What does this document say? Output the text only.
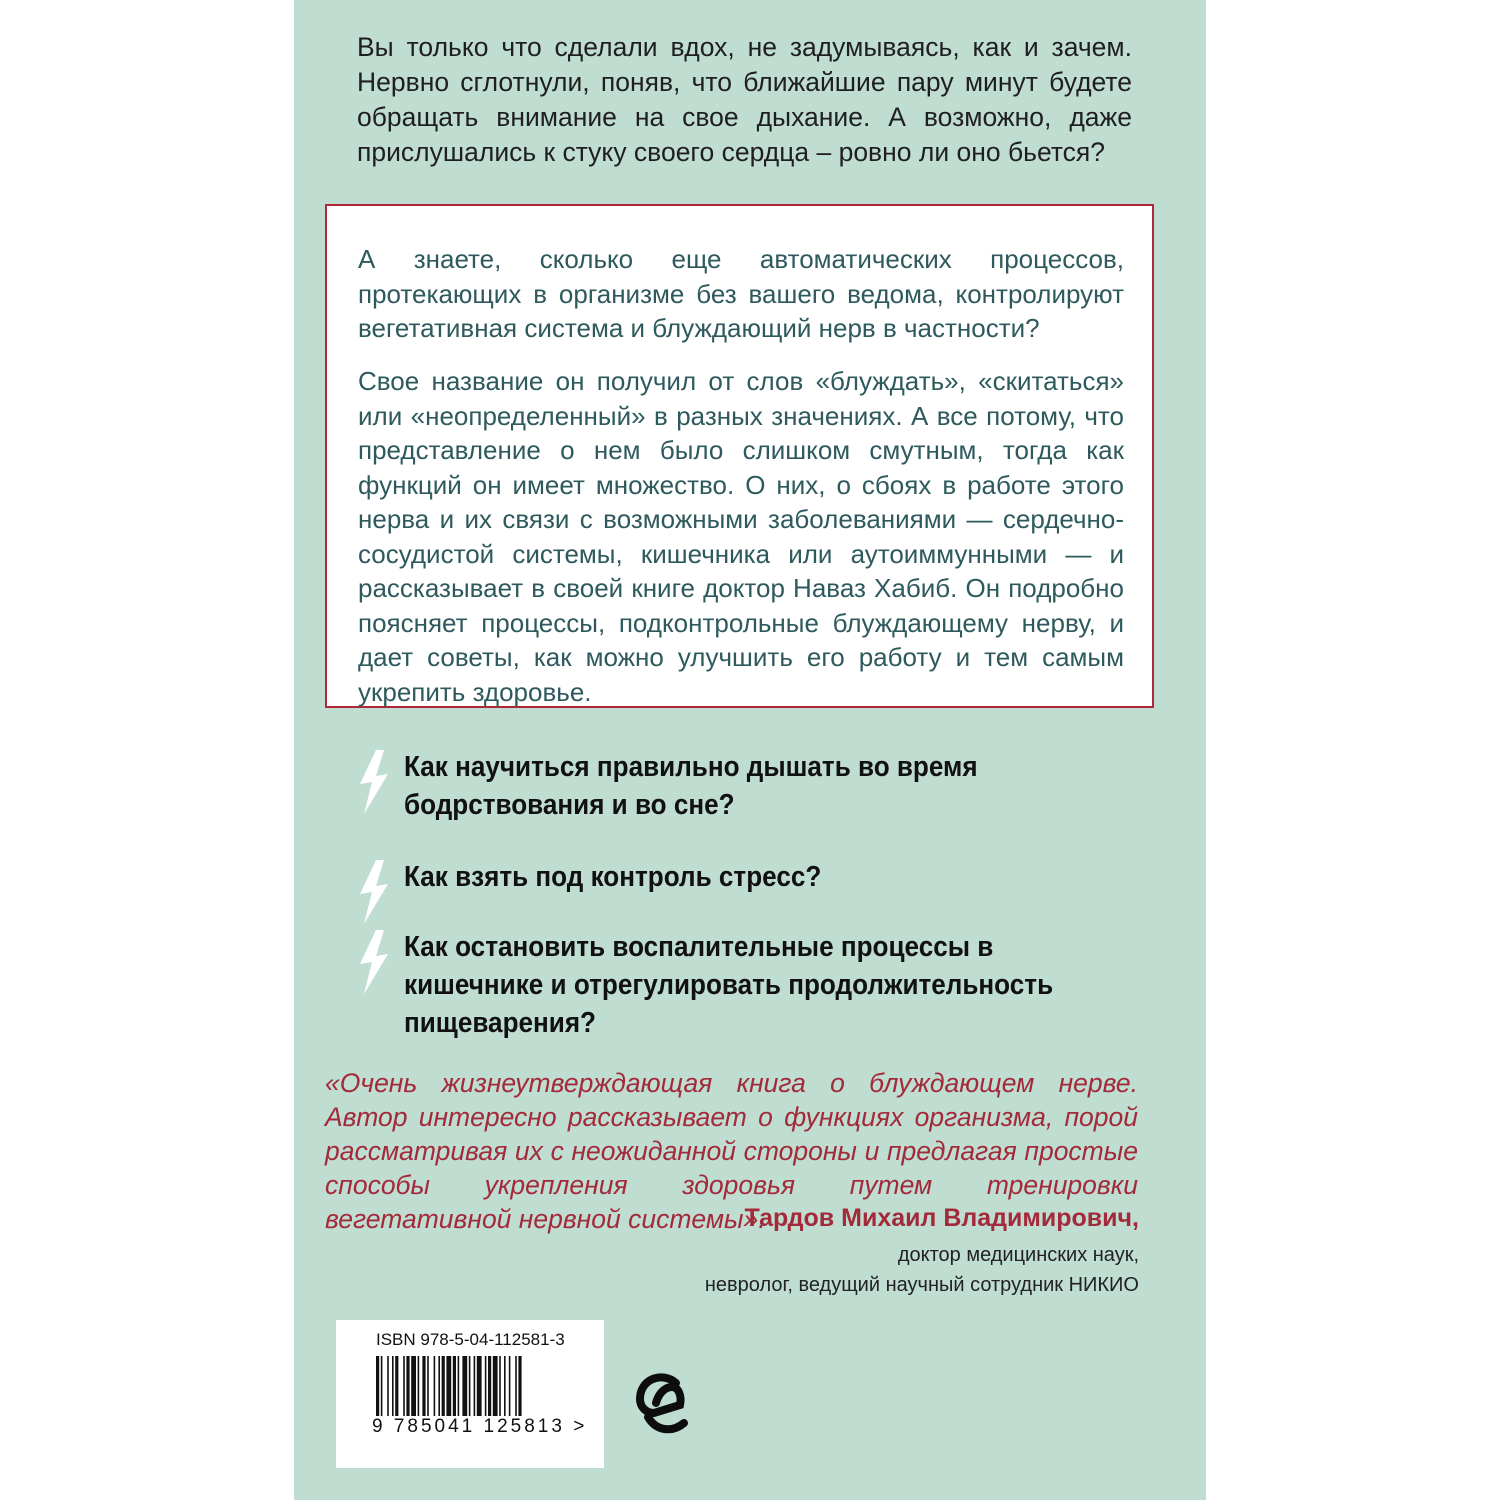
Вы только что сделали вдох, не задумываясь, как и зачем. Нервно сглотнули, поняв, что ближайшие пару минут будете обращать внимание на свое дыхание. А возможно, даже прислушались к стуку своего сердца – ровно ли оно бьется?

А знаете, сколько еще автоматических процессов, протекающих в организме без вашего ведома, контролируют вегетативная система и блуждающий нерв в частности?

Свое название он получил от слов «блуждать», «скитаться» или «неопределенный» в разных значениях. А все потому, что представление о нем было слишком смутным, тогда как функций он имеет множество. О них, о сбоях в работе этого нерва и их связи с возможными заболеваниями — сердечно-сосудистой системы, кишечника или аутоиммунными — и рассказывает в своей книге доктор Наваз Хабиб. Он подробно поясняет процессы, подконтрольные блуждающему нерву, и дает советы, как можно улучшить его работу и тем самым укрепить здоровье.

Как научиться правильно дышать во время бодрствования и во сне?

Как взять под контроль стресс?

Как остановить воспалительные процессы в кишечнике и отрегулировать продолжительность пищеварения?

«Очень жизнеутверждающая книга о блуждающем нерве. Автор интересно рассказывает о функциях организма, порой рассматривая их с неожиданной стороны и предлагая простые способы укрепления здоровья путем тренировки вегетативной нервной системы».

Тардов Михаил Владимирович,

доктор медицинских наук,

невролог, ведущий научный сотрудник НИКИО

ISBN 978-5-04-112581-3

9 785041 125813 >
